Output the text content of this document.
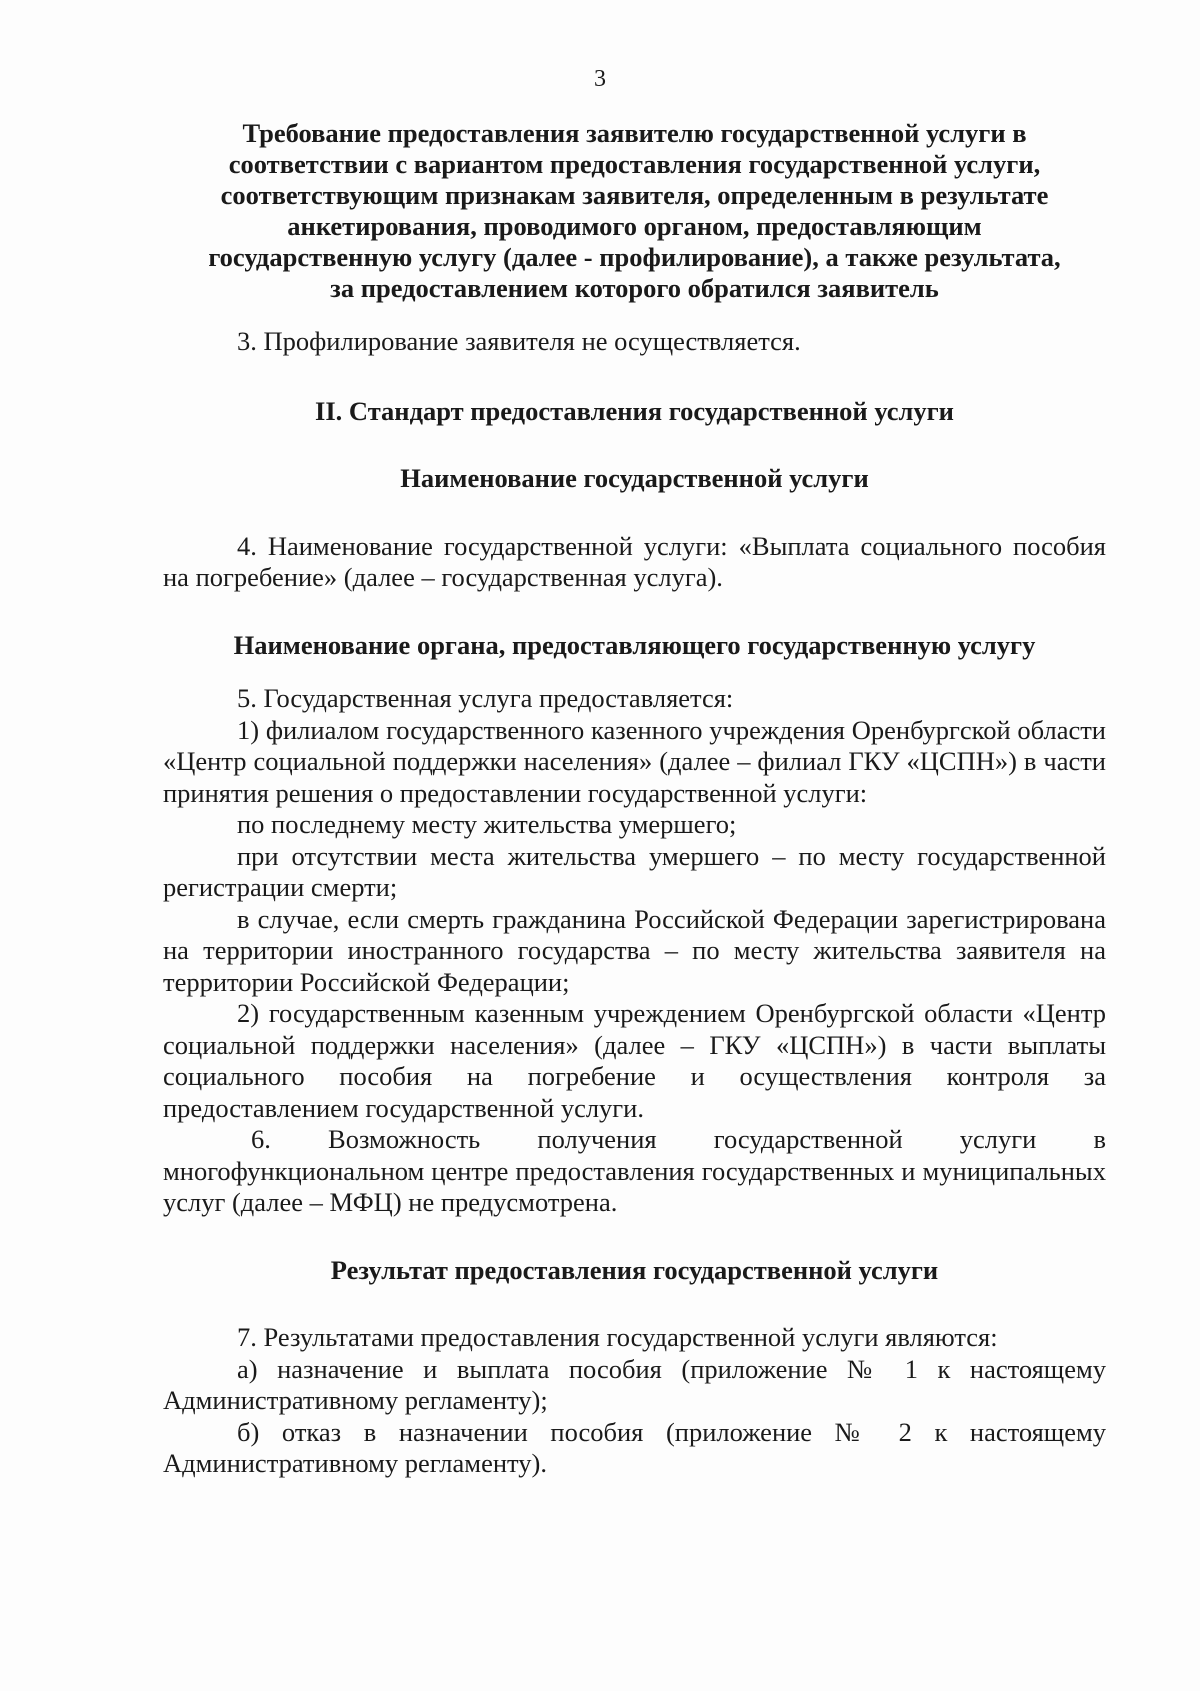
3
Требование предоставления заявителю государственной услуги в
соответствии с вариантом предоставления государственной услуги,
соответствующим признакам заявителя, определенным в результате
анкетирования, проводимого органом, предоставляющим
государственную услугу (далее - профилирование), а также результата,
за предоставлением которого обратился заявитель

3. Профилирование заявителя не осуществляется.

II. Стандарт предоставления государственной услуги
Наименование государственной услуги

4. Наименование государственной услуги: «Выплата социального пособия на погребение» (далее – государственная услуга).

Наименование органа, предоставляющего государственную услугу

5. Государственная услуга предоставляется:

1) филиалом государственного казенного учреждения Оренбургской области «Центр социальной поддержки населения» (далее – филиал ГКУ «ЦСПН») в части принятия решения о предоставлении государственной услуги:

по последнему месту жительства умершего;

при отсутствии места жительства умершего – по месту государственной регистрации смерти;

в случае, если смерть гражданина Российской Федерации зарегистрирована на территории иностранного государства – по месту жительства заявителя на территории Российской Федерации;

2) государственным казенным учреждением Оренбургской области «Центр социальной поддержки населения» (далее – ГКУ «ЦСПН») в части выплаты социального пособия на погребение и осуществления контроля за предоставлением государственной услуги.

6. Возможность получения государственной услуги в многофункциональном центре предоставления государственных и муниципальных услуг (далее – МФЦ) не предусмотрена.

Результат предоставления государственной услуги

7. Результатами предоставления государственной услуги являются:

а) назначение и выплата пособия (приложение № 1 к настоящему Административному регламенту);

б) отказ в назначении пособия (приложение № 2 к настоящему Административному регламенту).
